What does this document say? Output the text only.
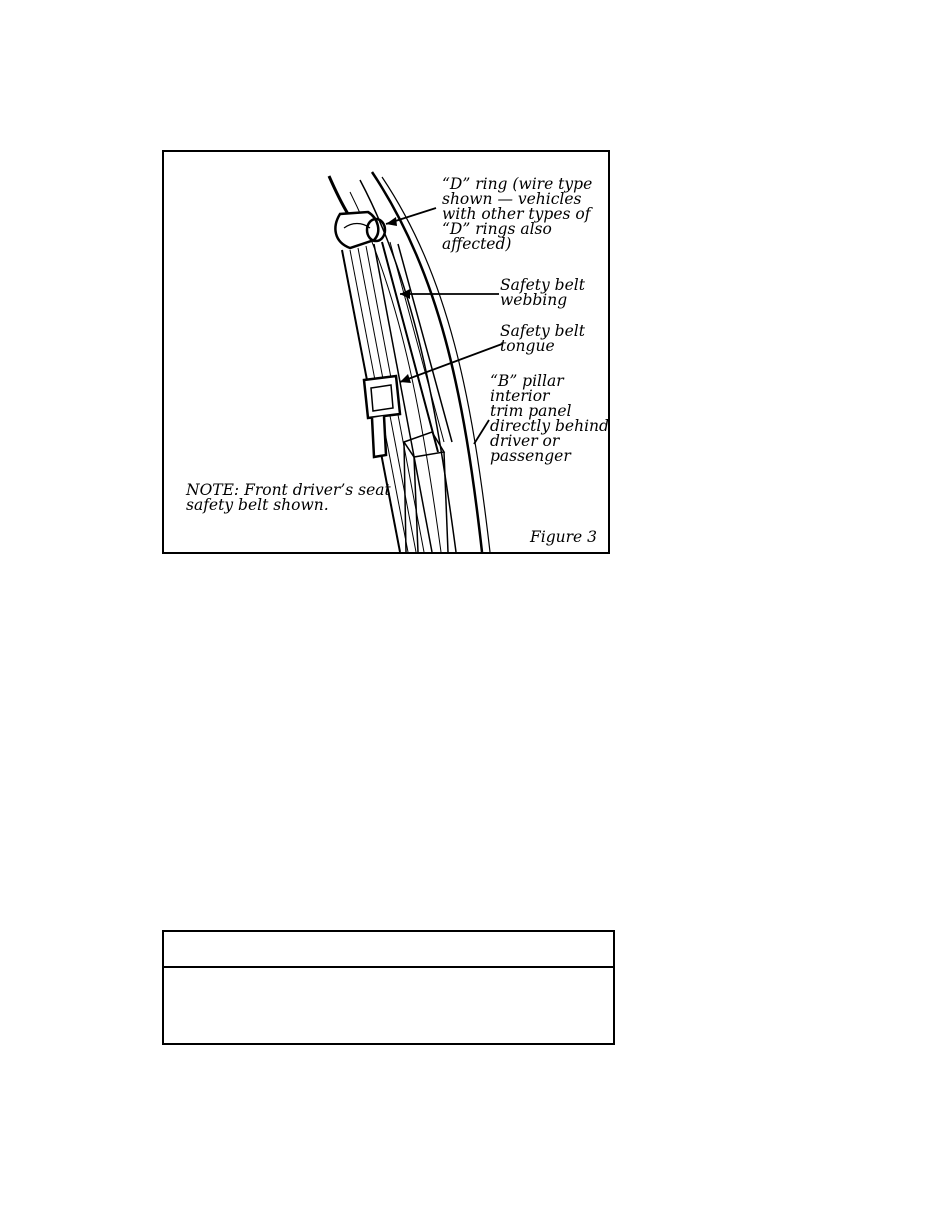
“D” ring (wire type
shown — vehicles
with other types of
“D” rings also
affected)
Safety belt
webbing
Safety belt
tongue
“B” pillar
interior
trim panel
directly behind
driver or
passenger
NOTE: Front driver’s seat
safety belt shown.
Figure 3
